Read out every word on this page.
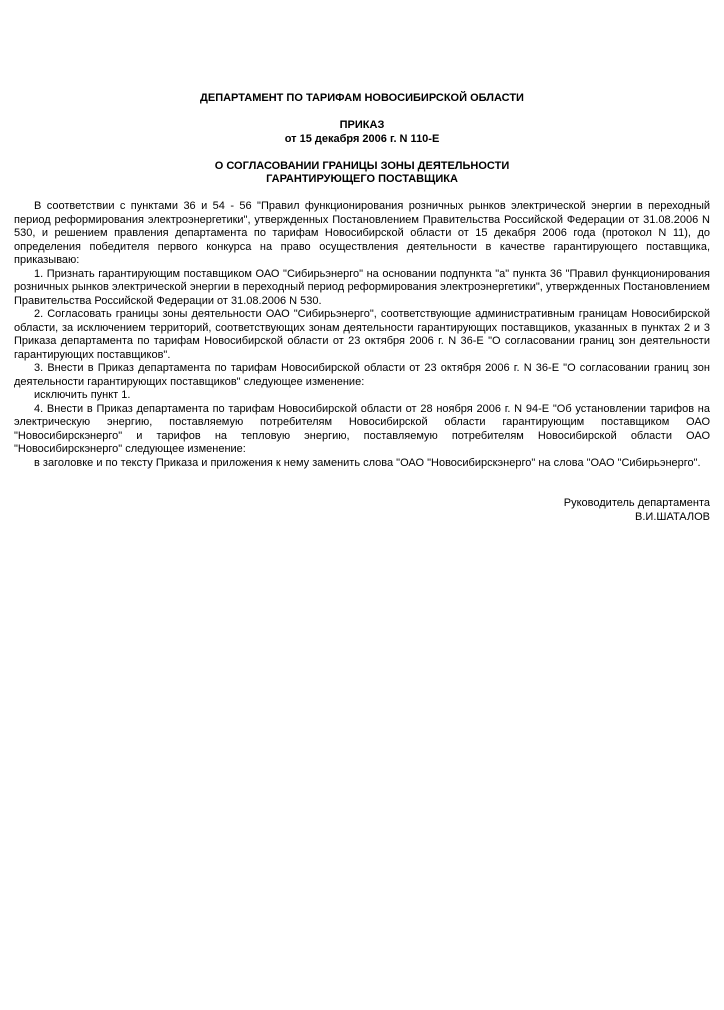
ДЕПАРТАМЕНТ ПО ТАРИФАМ НОВОСИБИРСКОЙ ОБЛАСТИ
ПРИКАЗ
от 15 декабря 2006 г. N 110-Е
О СОГЛАСОВАНИИ ГРАНИЦЫ ЗОНЫ ДЕЯТЕЛЬНОСТИ
ГАРАНТИРУЮЩЕГО ПОСТАВЩИКА

В соответствии с пунктами 36 и 54 - 56 "Правил функционирования розничных рынков электрической энергии в переходный период реформирования электроэнергетики", утвержденных Постановлением Правительства Российской Федерации от 31.08.2006 N 530, и решением правления департамента по тарифам Новосибирской области от 15 декабря 2006 года (протокол N 11), до определения победителя первого конкурса на право осуществления деятельности в качестве гарантирующего поставщика, приказываю:

1. Признать гарантирующим поставщиком ОАО "Сибирьэнерго" на основании подпункта "а" пункта 36 "Правил функционирования розничных рынков электрической энергии в переходный период реформирования электроэнергетики", утвержденных Постановлением Правительства Российской Федерации от 31.08.2006 N 530.

2. Согласовать границы зоны деятельности ОАО "Сибирьэнерго", соответствующие административным границам Новосибирской области, за исключением территорий, соответствующих зонам деятельности гарантирующих поставщиков, указанных в пунктах 2 и 3 Приказа департамента по тарифам Новосибирской области от 23 октября 2006 г. N 36-Е "О согласовании границ зон деятельности гарантирующих поставщиков".

3. Внести в Приказ департамента по тарифам Новосибирской области от 23 октября 2006 г. N 36-Е "О согласовании границ зон деятельности гарантирующих поставщиков" следующее изменение:

исключить пункт 1.

4. Внести в Приказ департамента по тарифам Новосибирской области от 28 ноября 2006 г. N 94-Е "Об установлении тарифов на электрическую энергию, поставляемую потребителям Новосибирской области гарантирующим поставщиком ОАО "Новосибирскэнерго" и тарифов на тепловую энергию, поставляемую потребителям Новосибирской области ОАО "Новосибирскэнерго" следующее изменение:

в заголовке и по тексту Приказа и приложения к нему заменить слова "ОАО "Новосибирскэнерго" на слова "ОАО "Сибирьэнерго".

Руководитель департамента
В.И.ШАТАЛОВ
